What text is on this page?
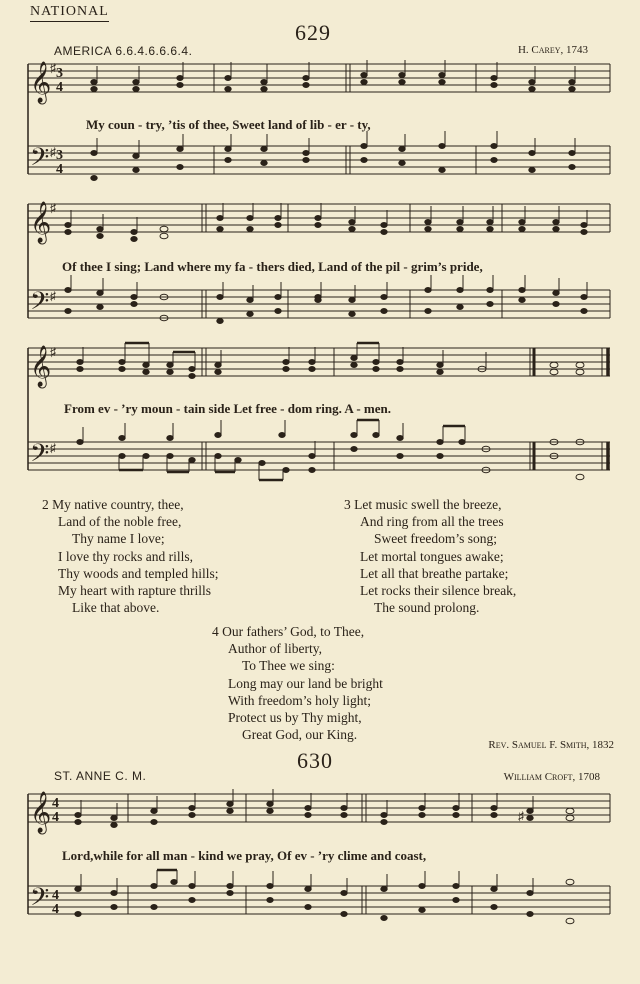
NATIONAL
629
AMERICA 6.6.4.6.6.6.4.	H. Carey, 1743
𝄞
𝄢
3
4
3
4
♯
♯
My coun - try, ’tis of thee, Sweet land of lib - er - ty,
𝄞
𝄢
♯
♯
Of thee I sing; Land where my fa - thers died, Land of the pil - grim’s pride,
𝄞
𝄢
♯
♯
From ev - ’ry moun - tain side Let free - dom ring. A - men.
2 My native country, thee,
Land of the noble free,
Thy name I love;
I love thy rocks and rills,
Thy woods and templed hills;
My heart with rapture thrills
Like that above.
3 Let music swell the breeze,
And ring from all the trees
Sweet freedom’s song;
Let mortal tongues awake;
Let all that breathe partake;
Let rocks their silence break,
The sound prolong.
4 Our fathers’ God, to Thee,
Author of liberty,
To Thee we sing:
Long may our land be bright
With freedom’s holy light;
Protect us by Thy might,
Great God, our King.
Rev. Samuel F. Smith, 1832
630
ST. ANNE C. M.	William Croft, 1708
𝄞
𝄢
4
4
4
4
♯
Lord,while for all man - kind we pray, Of ev - ’ry clime and coast,
